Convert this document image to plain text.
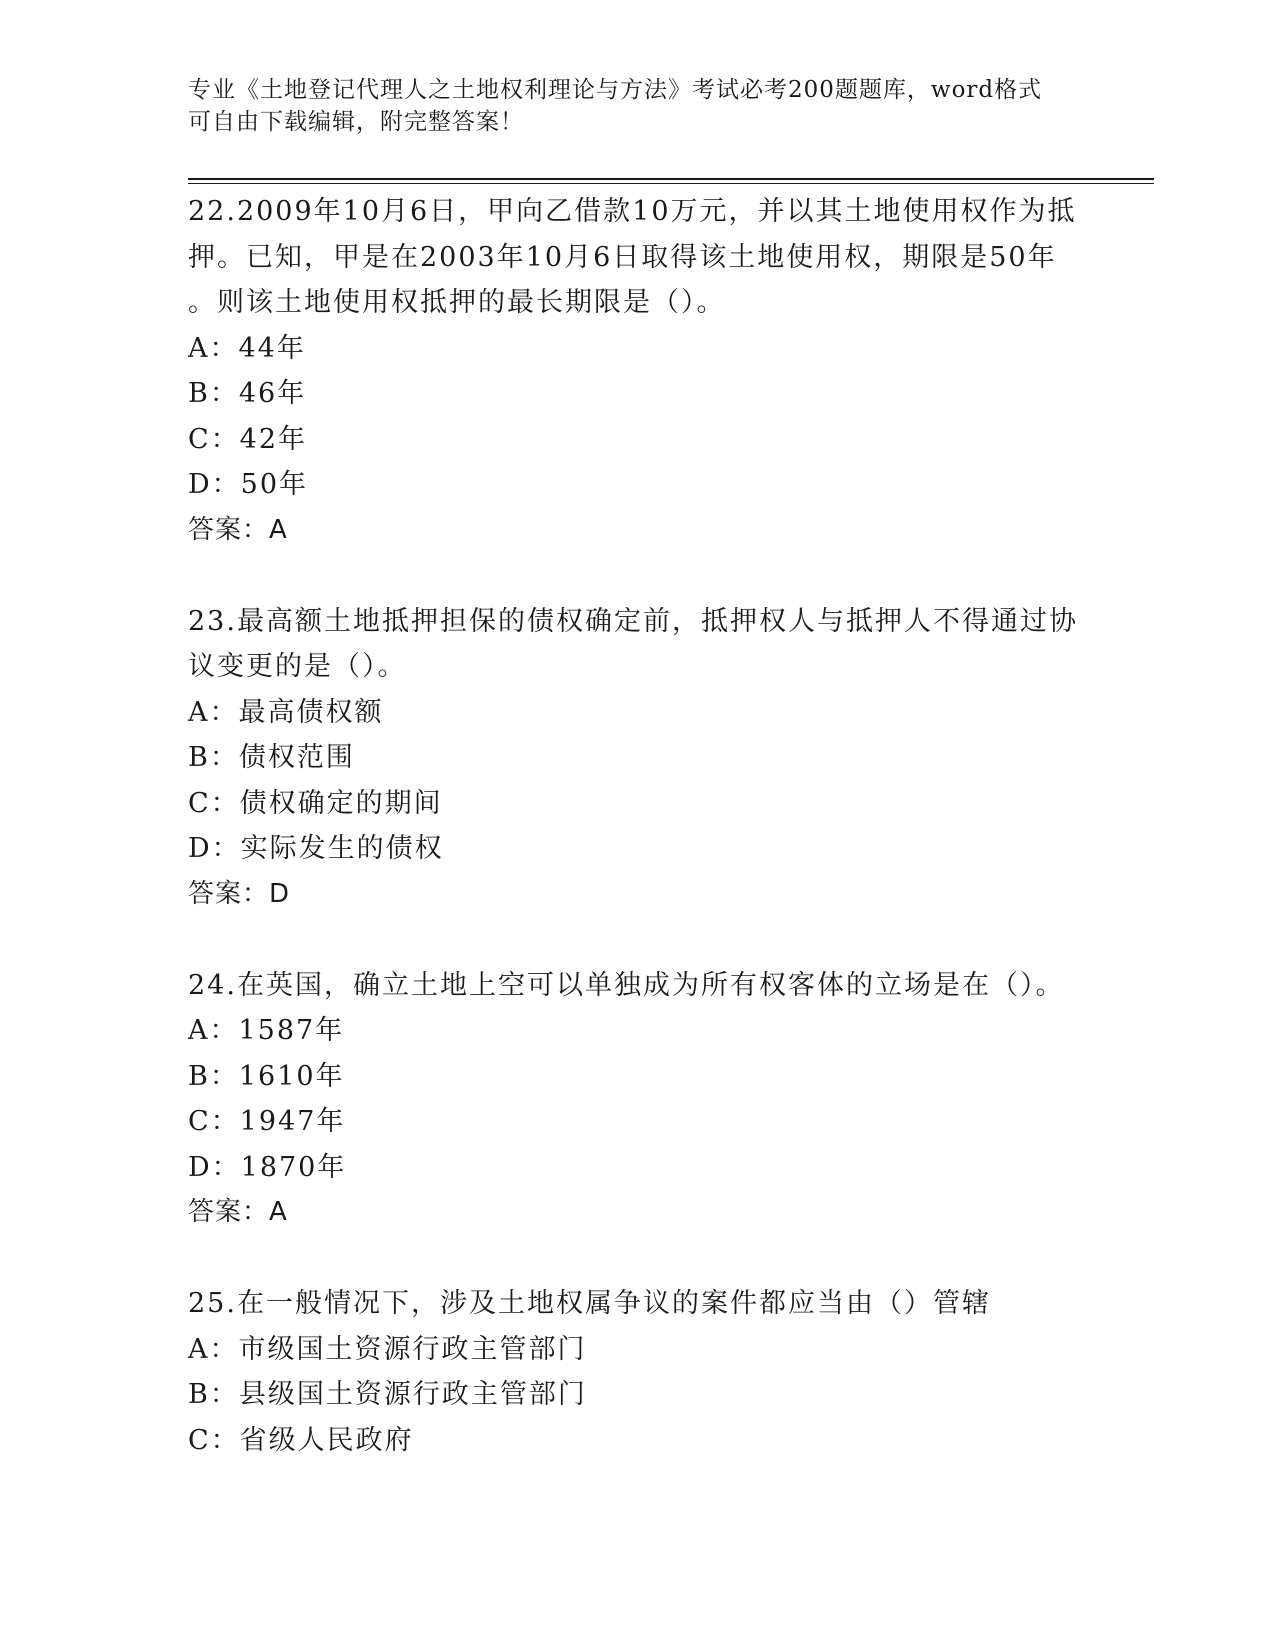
专业《土地登记代理人之土地权利理论与方法》考试必考200题题库，word格式
可自由下载编辑，附完整答案！
22.2009年10月6日，甲向乙借款10万元，并以其土地使用权作为抵
押。已知，甲是在2003年10月6日取得该土地使用权，期限是50年
。则该土地使用权抵押的最长期限是（）。
A：44年
B：46年
C：42年
D：50年
答案：A
23.最高额土地抵押担保的债权确定前，抵押权人与抵押人不得通过协
议变更的是（）。
A：最高债权额
B：债权范围
C：债权确定的期间
D：实际发生的债权
答案：D
24.在英国，确立土地上空可以单独成为所有权客体的立场是在（）。
A：1587年
B：1610年
C：1947年
D：1870年
答案：A
25.在一般情况下，涉及土地权属争议的案件都应当由（）管辖
A：市级国土资源行政主管部门
B：县级国土资源行政主管部门
C：省级人民政府
